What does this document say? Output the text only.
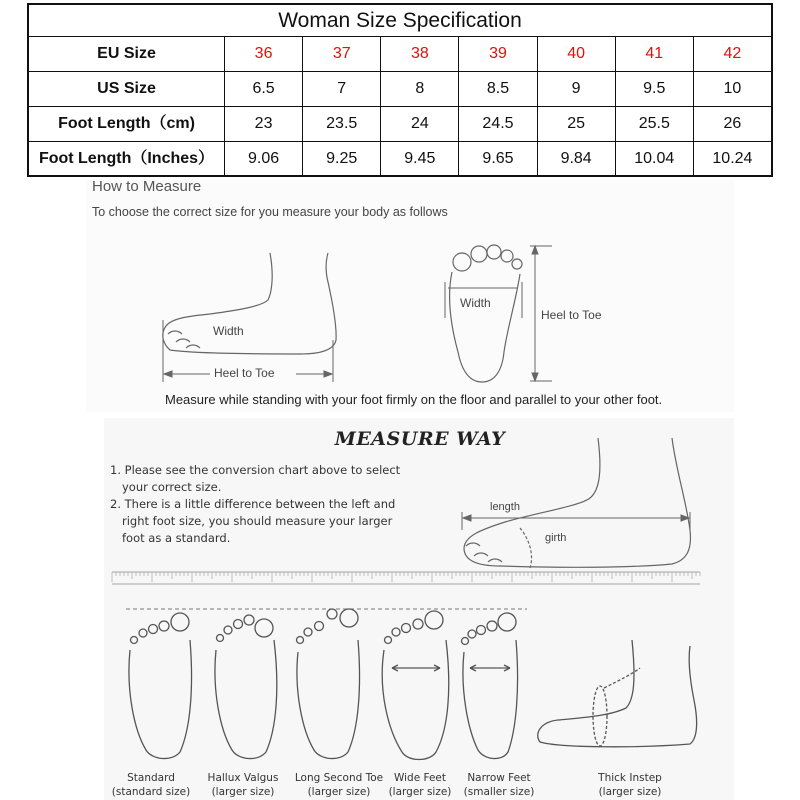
Woman Size Specification
EU Size	36	37	38	39	40	41	42
US Size	6.5	7	8	8.5	9	9.5	10
Foot Length（cm)	23	23.5	24	24.5	25	25.5	26
Foot Length（Inches）	9.06	9.25	9.45	9.65	9.84	10.04	10.24
How to Measure
To choose the correct size for you measure your body as follows
Width
Heel to Toe
Width
Heel to Toe
Measure while standing with your foot firmly on the floor and parallel to your other foot.
MEASURE WAY
1. Please see the conversion chart above to select your correct size.
2. There is a little difference between the left and right foot size, you should measure your larger foot as a standard.
length
girth
Standard
(standard size)
Hallux Valgus
(larger size)
Long Second Toe
(larger size)
Wide Feet
(larger size)
Narrow Feet
(smaller size)
Thick Instep
(larger size)
